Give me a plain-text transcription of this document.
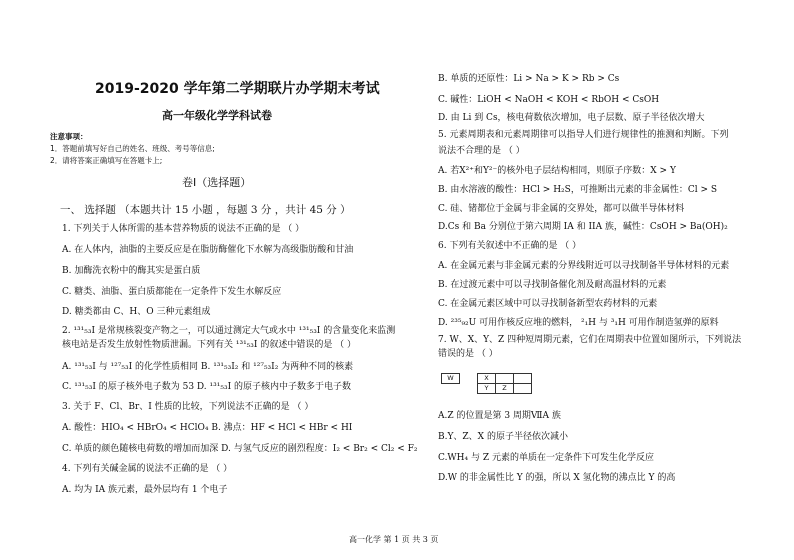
2019-2020 学年第二学期联片办学期末考试
高一年级化学学科试卷
注意事项：
1．答题前填写好自己的姓名、班级、考号等信息;
2．请将答案正确填写在答题卡上;
卷I（选择题）
一、 选择题 （本题共计 15 小题 ，每题 3 分 ，共计 45 分 ）
1. 下列关于人体所需的基本营养物质的说法不正确的是 （ ）
A. 在人体内，油脂的主要反应是在脂肪酶催化下水解为高级脂肪酸和甘油
B. 加酶洗衣粉中的酶其实是蛋白质
C. 糖类、油脂、蛋白质都能在一定条件下发生水解反应
D. 糖类都由 C、H、O 三种元素组成
2. ¹³¹₅₃I 是常规核裂变产物之一，可以通过测定大气或水中 ¹³¹₅₃I 的含量变化来监测
核电站是否发生放射性物质泄漏。下列有关 ¹³¹₅₃I 的叙述中错误的是 （ ）
A. ¹³¹₅₃I 与 ¹²⁷₅₃I 的化学性质相同 B. ¹³¹₅₃I₂ 和 ¹²⁷₅₃I₂ 为两种不同的核素
C. ¹³¹₅₃I 的原子核外电子数为 53 D. ¹³¹₅₃I 的原子核内中子数多于电子数
3. 关于 F、Cl、Br、I 性质的比较，下列说法不正确的是 （ ）
A. 酸性：HIO₄ < HBrO₄ < HClO₄ B. 沸点：HF < HCl < HBr < HI
C. 单质的颜色随核电荷数的增加而加深 D. 与氢气反应的剧烈程度：I₂ < Br₂ < Cl₂ < F₂
4. 下列有关碱金属的说法不正确的是 （ ）
A. 均为 IA 族元素，最外层均有 1 个电子
B. 单质的还原性：Li > Na > K > Rb > Cs
C. 碱性：LiOH < NaOH < KOH < RbOH < CsOH
D. 由 Li 到 Cs，核电荷数依次增加，电子层数、原子半径依次增大
5. 元素周期表和元素周期律可以指导人们进行规律性的推测和判断。下列
说法不合理的是 （ ）
A. 若X²⁺和Y²⁻的核外电子层结构相同，则原子序数：X > Y
B. 由水溶液的酸性：HCl > H₂S，可推断出元素的非金属性：Cl > S
C. 硅、锗都位于金属与非金属的交界处，都可以做半导体材料
D.Cs 和 Ba 分别位于第六周期 IA 和 IIA 族，碱性：CsOH > Ba(OH)₂
6. 下列有关叙述中不正确的是 （ ）
A. 在金属元素与非金属元素的分界线附近可以寻找制备半导体材料的元素
B. 在过渡元素中可以寻找制备催化剂及耐高温材料的元素
C. 在金属元素区域中可以寻找制备新型农药材料的元素
D. ²³⁵₉₂U 可用作核反应堆的燃料， ²₁H 与 ³₁H 可用作制造氢弹的原料
7. W、X、Y、Z 四种短周期元素，它们在周期表中位置如图所示，下列说法
错误的是 （ ）
W		X		
		Y	Z	
A.Z 的位置是第 3 周期ⅦA 族
B.Y、Z、X 的原子半径依次减小
C.WH₄ 与 Z 元素的单质在一定条件下可发生化学反应
D.W 的非金属性比 Y 的强，所以 X 氢化物的沸点比 Y 的高
高一化学 第 1 页 共 3 页
